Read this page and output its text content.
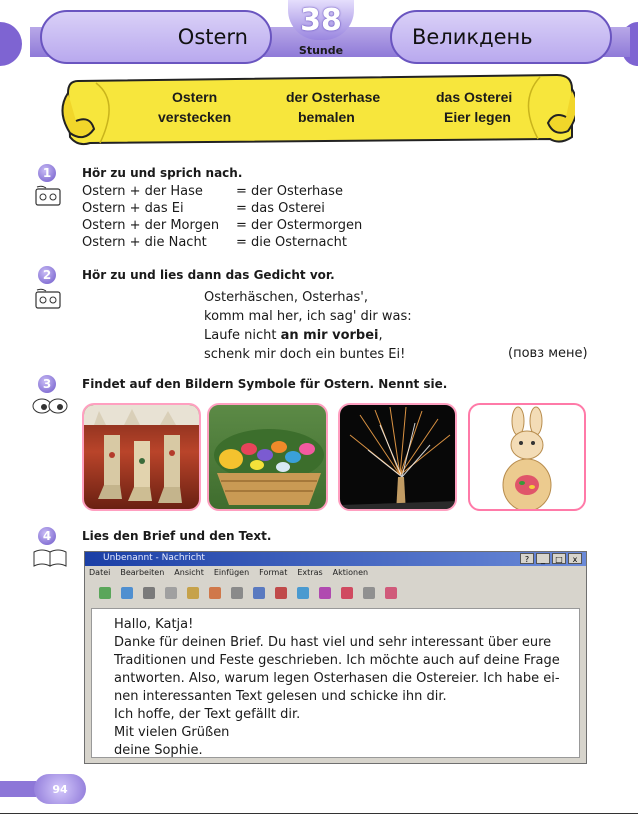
Ostern	Великдень
38
Stunde
Ostern	der Osterhase	das Osterei
verstecken	bemalen	Eier legen
1	Hör zu und sprich nach.
Ostern + der Hase	= der Osterhase
Ostern + das Ei	= das Osterei
Ostern + der Morgen = der Ostermorgen
Ostern + die Nacht = die Osternacht
2	Hör zu und lies dann das Gedicht vor.
Osterhäschen, Osterhas',
komm mal her, ich sag' dir was:
Laufe nicht an mir vorbei,
schenk mir doch ein buntes Ei!	(повз мене)
3	Findet auf den Bildern Symbole für Ostern. Nennt sie.
4	Lies den Brief und den Text.
Unbenannt - Nachricht	?	_	□	x
Datei Bearbeiten Ansicht Einfügen Format Extras Aktionen
Hallo, Katja!
Danke für deinen Brief. Du hast viel und sehr interessant über eure
Traditionen und Feste geschrieben. Ich möchte auch auf deine Frage
antworten. Also, warum legen Osterhasen die Ostereier. Ich habe ei-
nen interessanten Text gelesen und schicke ihn dir.
Ich hoffe, der Text gefällt dir.
Mit vielen Grüßen
deine Sophie.
94
